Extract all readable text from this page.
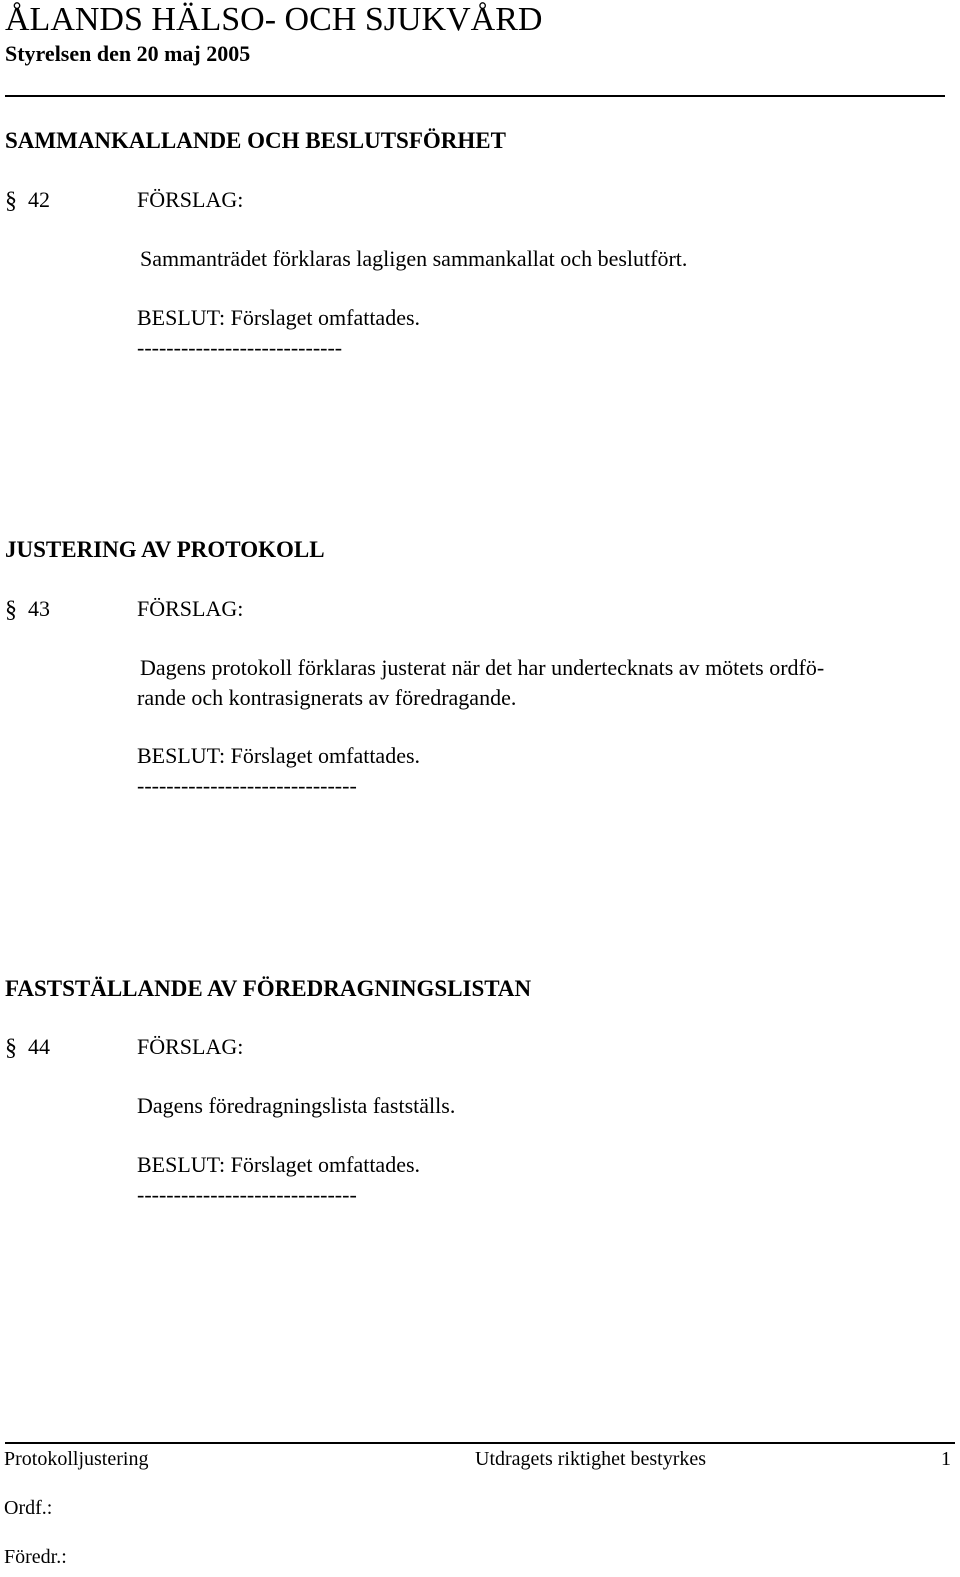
ÅLANDS HÄLSO- OCH SJUKVÅRD
Styrelsen den 20 maj 2005
SAMMANKALLANDE OCH BESLUTSFÖRHET
§ 42	FÖRSLAG:
Sammanträdet förklaras lagligen sammankallat och beslutfört.
BESLUT: Förslaget omfattades.
----------------------------
JUSTERING AV PROTOKOLL
§ 43	FÖRSLAG:
Dagens protokoll förklaras justerat när det har undertecknats av mötets ordfö-
rande och kontrasignerats av föredragande.
BESLUT: Förslaget omfattades.
------------------------------
FASTSTÄLLANDE AV FÖREDRAGNINGSLISTAN
§ 44	FÖRSLAG:
Dagens föredragningslista fastställs.
BESLUT: Förslaget omfattades.
------------------------------
Protokolljustering	Utdragets riktighet bestyrkes	1
Ordf.:
Föredr.:
